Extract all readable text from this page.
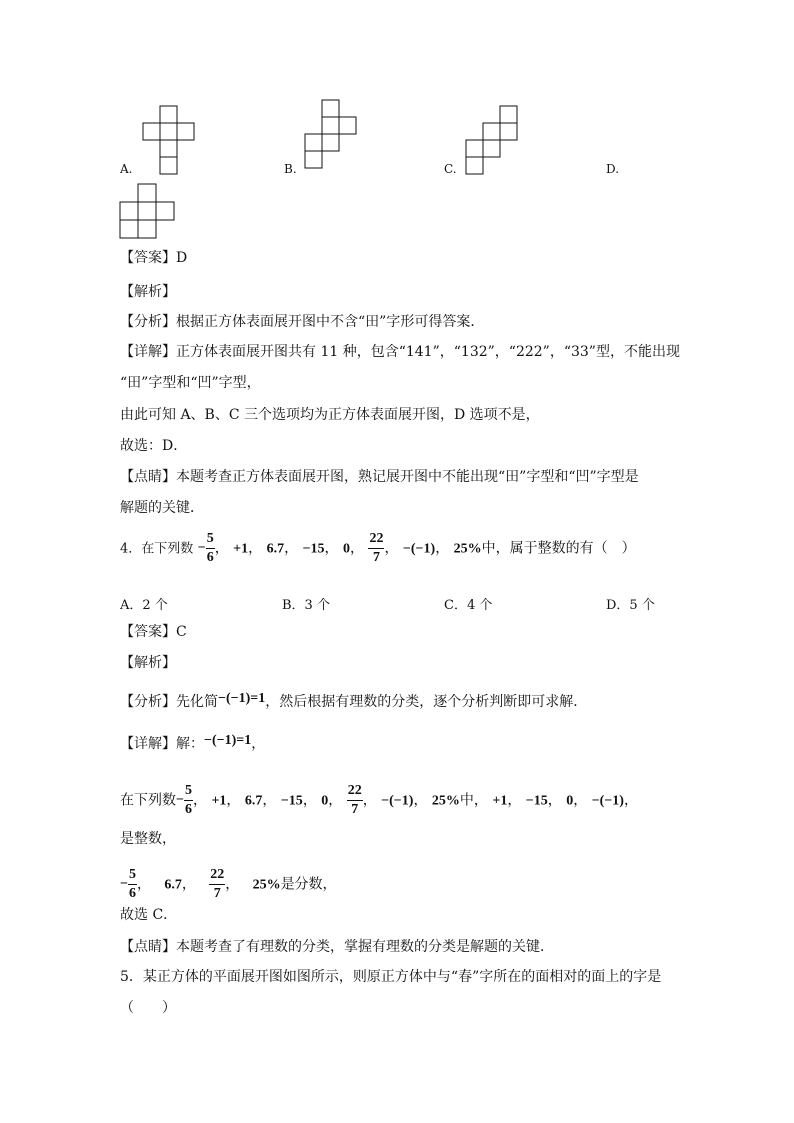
A.	B.	C.	D.
【答案】D
【解析】
【分析】根据正方体表面展开图中不含“田”字形可得答案．
【详解】正方体表面展开图共有 11 种，包含“141”，“132”，“222”，“33”型，不能出现
“田”字型和“凹”字型，
由此可知 A、B、C 三个选项均为正方体表面展开图，D 选项不是，
故选：D．
【点睛】本题考查正方体表面展开图，熟记展开图中不能出现“田”字型和“凹”字型是
解题的关键．
4．在下列数 − $\frac{5}{6}$ ， +1， 6.7， −15， 0， $\frac{22}{7}$ ， −(−1)， 25%中，属于整数的有（　）
A．2 个	B．3 个	C．4 个	D．5 个
【答案】C
【解析】
【分析】先化简−(−1)=1，然后根据有理数的分类，逐个分析判断即可求解．
【详解】解：−(−1)=1，
在下列数− $\frac{5}{6}$ ， +1， 6.7， −15， 0， $\frac{22}{7}$ ， −(−1)， 25%中， +1， −15， 0， −(−1)，
是整数，
− $\frac{5}{6}$ ，   6.7， $\frac{22}{7}$ ，   25%是分数，
故选 C．
【点睛】本题考查了有理数的分类，掌握有理数的分类是解题的关键．
5．某正方体的平面展开图如图所示，则原正方体中与“春”字所在的面相对的面上的字是
（　　）
